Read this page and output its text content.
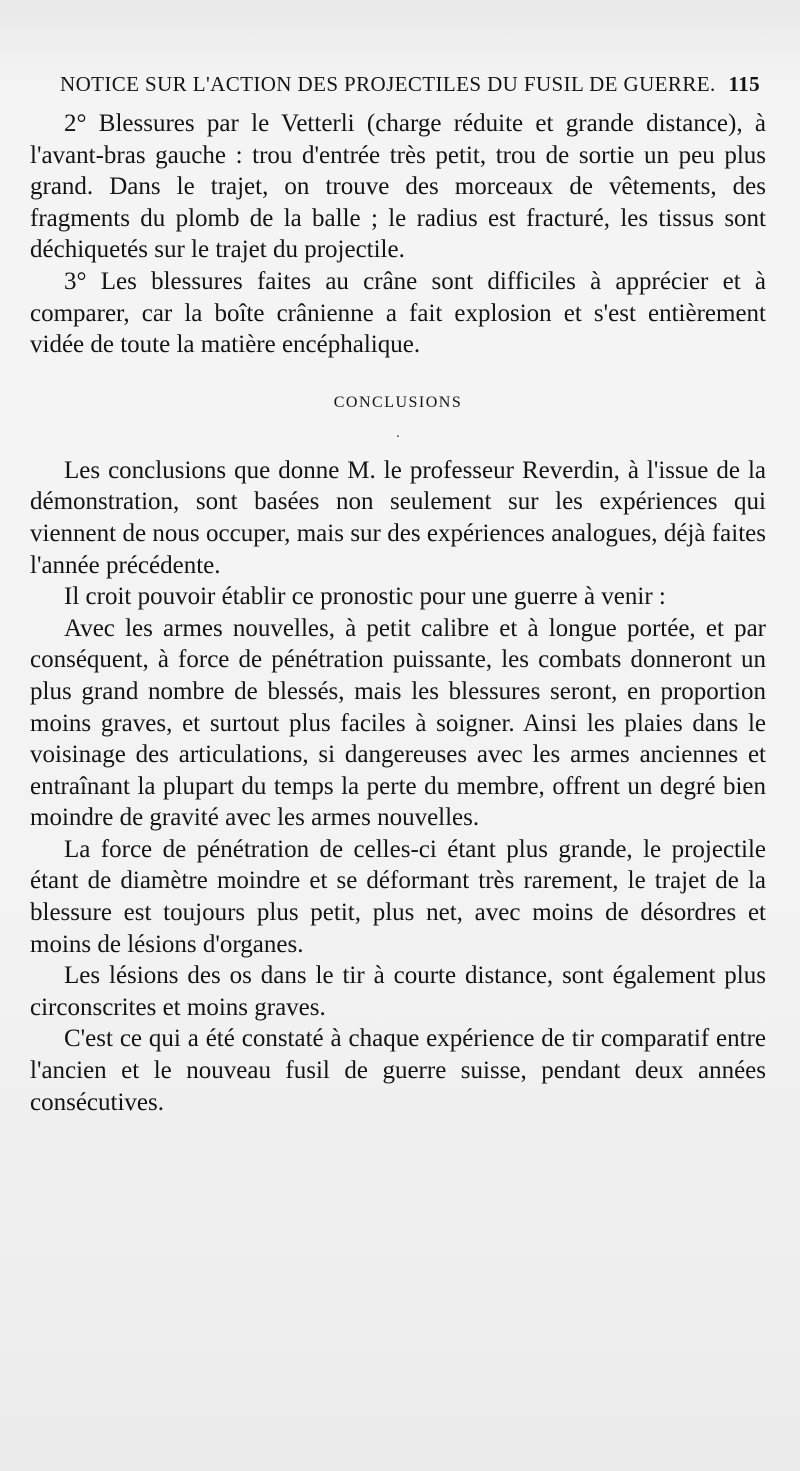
NOTICE SUR L'ACTION DES PROJECTILES DU FUSIL DE GUERRE. 115

2° Blessures par le Vetterli (charge réduite et grande distance), à l'avant-bras gauche : trou d'entrée très petit, trou de sortie un peu plus grand. Dans le trajet, on trouve des morceaux de vêtements, des fragments du plomb de la balle ; le radius est fracturé, les tissus sont déchiquetés sur le trajet du projectile.

3° Les blessures faites au crâne sont difficiles à apprécier et à comparer, car la boîte crânienne a fait explosion et s'est entièrement vidée de toute la matière encéphalique.

CONCLUSIONS

·

Les conclusions que donne M. le professeur Reverdin, à l'issue de la démonstration, sont basées non seulement sur les expériences qui viennent de nous occuper, mais sur des expériences analogues, déjà faites l'année précédente.

Il croit pouvoir établir ce pronostic pour une guerre à venir :

Avec les armes nouvelles, à petit calibre et à longue portée, et par conséquent, à force de pénétration puissante, les combats donneront un plus grand nombre de blessés, mais les blessures seront, en proportion moins graves, et surtout plus faciles à soigner. Ainsi les plaies dans le voisinage des articulations, si dangereuses avec les armes anciennes et entraînant la plupart du temps la perte du membre, offrent un degré bien moindre de gravité avec les armes nouvelles.

La force de pénétration de celles-ci étant plus grande, le projectile étant de diamètre moindre et se déformant très rarement, le trajet de la blessure est toujours plus petit, plus net, avec moins de désordres et moins de lésions d'organes.

Les lésions des os dans le tir à courte distance, sont également plus circonscrites et moins graves.

C'est ce qui a été constaté à chaque expérience de tir comparatif entre l'ancien et le nouveau fusil de guerre suisse, pendant deux années consécutives.
